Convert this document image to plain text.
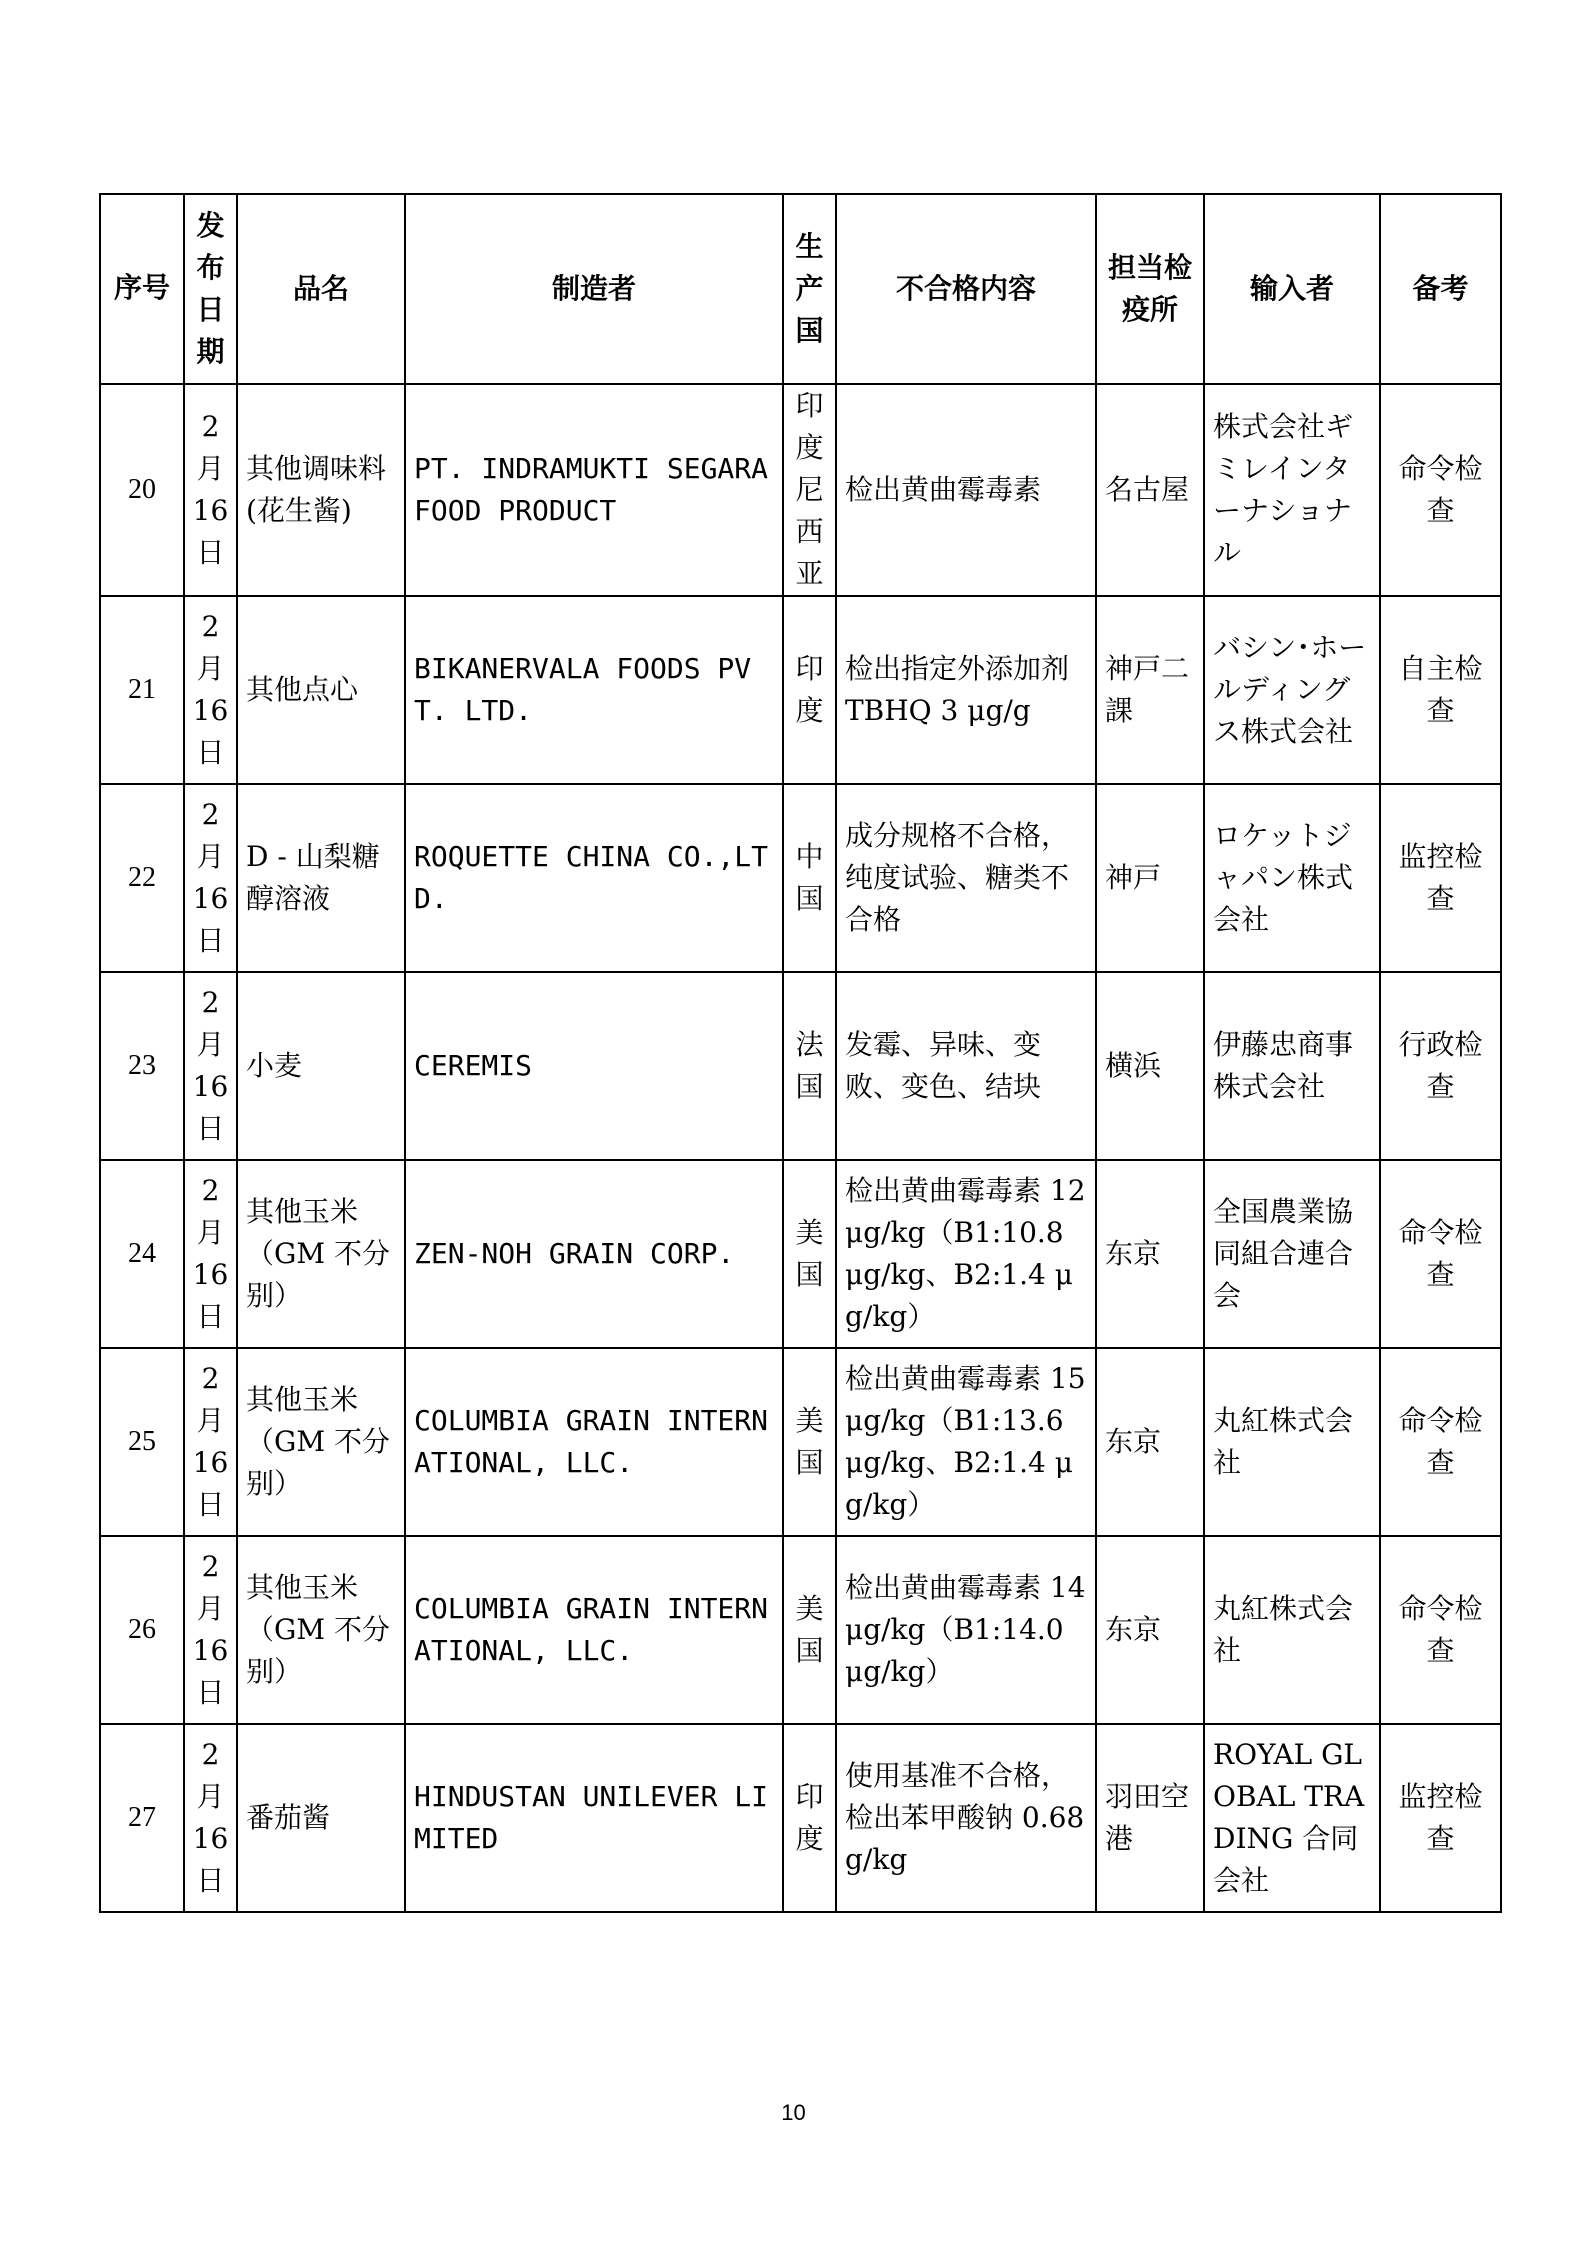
序号	发布日期	品名	制造者	生产国	不合格内容	担当检疫所	输入者	备考
20	2月16日	其他调味料(花生酱)	PT. INDRAMUKTI SEGARA FOOD PRODUCT	印度尼西亚	检出黄曲霉毒素	名古屋	株式会社ギミレインターナショナル	命令检查
21	2月16日	其他点心	BIKANERVALA FOODS PVT. LTD.	印度	检出指定外添加剂 TBHQ 3 μg/g	神戸二課	バシン･ホールディングス株式会社	自主检查
22	2月16日	D - 山梨糖醇溶液	ROQUETTE CHINA CO.,LTD.	中国	成分规格不合格，纯度试验、糖类不合格	神戸	ロケットジャパン株式会社	监控检查
23	2月16日	小麦	CEREMIS	法国	发霉、异味、变败、变色、结块	横浜	伊藤忠商事株式会社	行政检查
24	2月16日	其他玉米（GM 不分别）	ZEN-NOH GRAIN CORP.	美国	检出黄曲霉毒素 12 μg/kg（B1:10.8 μg/kg、B2:1.4 μg/kg）	东京	全国農業協同組合連合会	命令检查
25	2月16日	其他玉米（GM 不分别）	COLUMBIA GRAIN INTERNATIONAL, LLC.	美国	检出黄曲霉毒素 15 μg/kg（B1:13.6 μg/kg、B2:1.4 μg/kg）	东京	丸紅株式会社	命令检查
26	2月16日	其他玉米（GM 不分别）	COLUMBIA GRAIN INTERNATIONAL, LLC.	美国	检出黄曲霉毒素 14 μg/kg（B1:14.0 μg/kg）	东京	丸紅株式会社	命令检查
27	2月16日	番茄酱	HINDUSTAN UNILEVER LIMITED	印度	使用基准不合格，检出苯甲酸钠 0.68g/kg	羽田空港	ROYAL GLOBAL TRADING 合同会社	监控检查
10
